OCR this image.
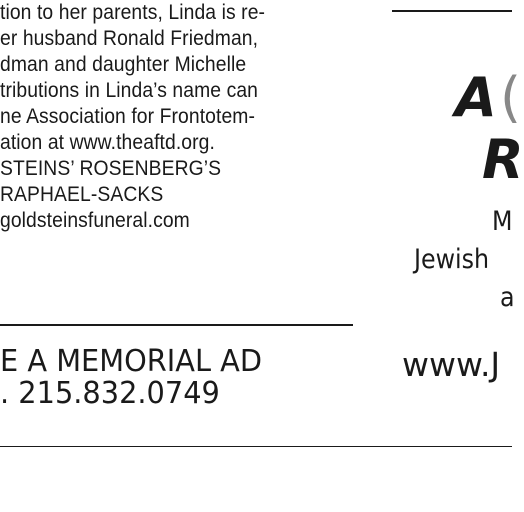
tion to her parents, Linda is re-
er husband Ronald Friedman,
dman and daughter Michelle
tributions in Linda’s name can
ne Association for Frontotem-
ation at www.theaftd.org.
STEINS’ ROSENBERG’S
RAPHAEL-SACKS
goldsteinsfuneral.com
E A MEMORIAL AD
. 215.832.0749
A (
R
M
Jewish
a
www.J
